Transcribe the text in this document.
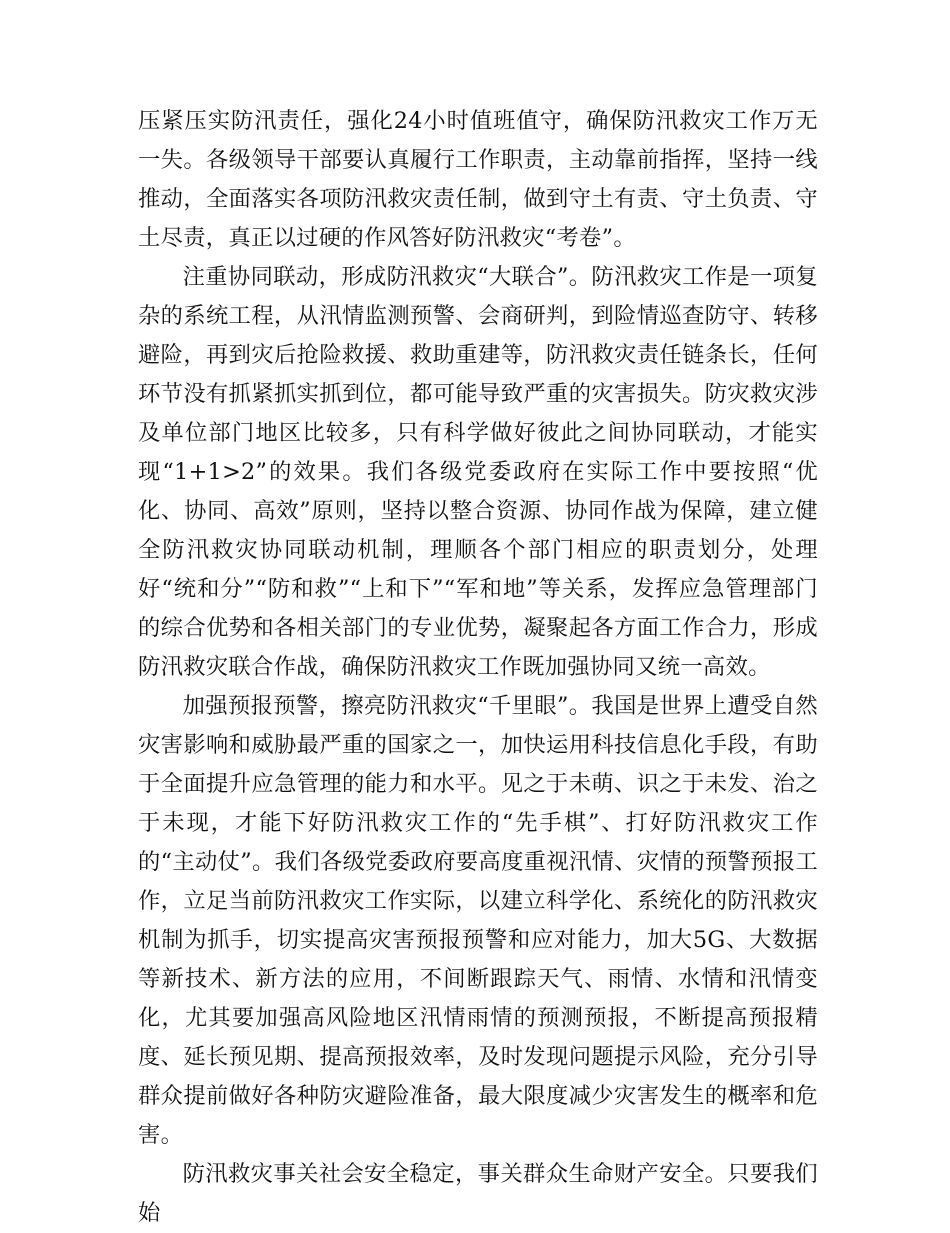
压紧压实防汛责任，强化24小时值班值守，确保防汛救灾工作万无一失。各级领导干部要认真履行工作职责，主动靠前指挥，坚持一线推动，全面落实各项防汛救灾责任制，做到守土有责、守土负责、守土尽责，真正以过硬的作风答好防汛救灾“考卷”。

注重协同联动，形成防汛救灾“大联合”。防汛救灾工作是一项复杂的系统工程，从汛情监测预警、会商研判，到险情巡查防守、转移避险，再到灾后抢险救援、救助重建等，防汛救灾责任链条长，任何环节没有抓紧抓实抓到位，都可能导致严重的灾害损失。防灾救灾涉及单位部门地区比较多，只有科学做好彼此之间协同联动，才能实现“1+1>2”的效果。我们各级党委政府在实际工作中要按照“优化、协同、高效”原则，坚持以整合资源、协同作战为保障，建立健全防汛救灾协同联动机制，理顺各个部门相应的职责划分，处理好“统和分”“防和救”“上和下”“军和地”等关系，发挥应急管理部门的综合优势和各相关部门的专业优势，凝聚起各方面工作合力，形成防汛救灾联合作战，确保防汛救灾工作既加强协同又统一高效。

加强预报预警，擦亮防汛救灾“千里眼”。我国是世界上遭受自然灾害影响和威胁最严重的国家之一，加快运用科技信息化手段，有助于全面提升应急管理的能力和水平。见之于未萌、识之于未发、治之于未现，才能下好防汛救灾工作的“先手棋”、打好防汛救灾工作的“主动仗”。我们各级党委政府要高度重视汛情、灾情的预警预报工作，立足当前防汛救灾工作实际，以建立科学化、系统化的防汛救灾机制为抓手，切实提高灾害预报预警和应对能力，加大5G、大数据等新技术、新方法的应用，不间断跟踪天气、雨情、水情和汛情变化，尤其要加强高风险地区汛情雨情的预测预报，不断提高预报精度、延长预见期、提高预报效率，及时发现问题提示风险，充分引导群众提前做好各种防灾避险准备，最大限度减少灾害发生的概率和危害。

防汛救灾事关社会安全稳定，事关群众生命财产安全。只要我们始
